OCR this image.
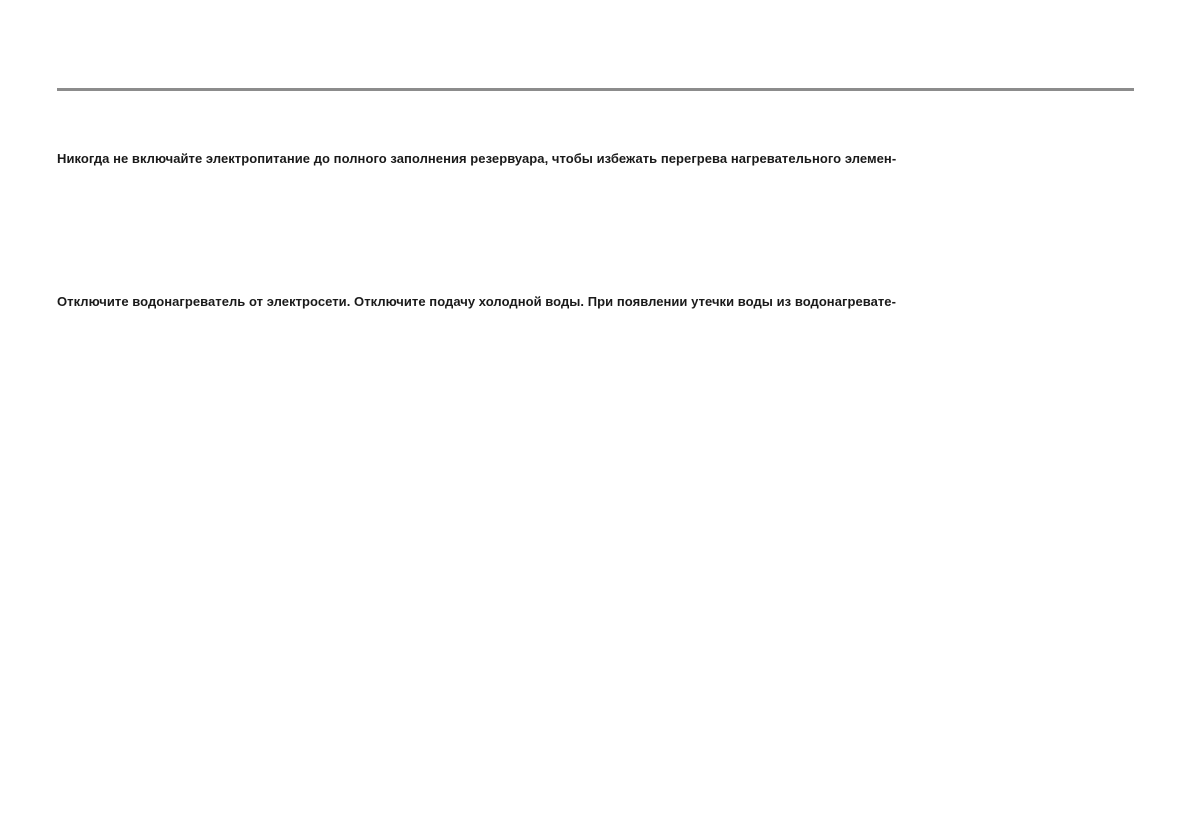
Никогда не включайте электропитание до полного заполнения резервуара, чтобы избежать перегрева нагревательного элемен-
Отключите водонагреватель от электросети. Отключите подачу холодной воды. При появлении утечки воды из водонагревате-
